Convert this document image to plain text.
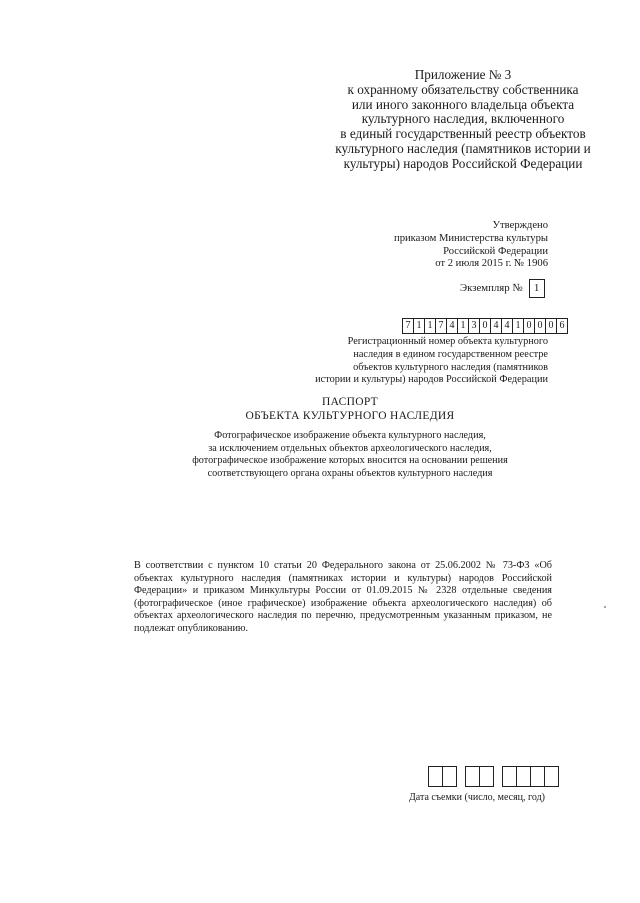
Приложение № 3
к охранному обязательству собственника
или иного законного владельца объекта
культурного наследия, включенного
в единый государственный реестр объектов
культурного наследия (памятников истории и
культуры) народов Российской Федерации
Утверждено
приказом Министерства культуры
Российской Федерации
от 2 июля 2015 г. № 1906
Экземпляр №	1
7 1 1 7 4 1 3 0 4 4 1 0 0 0 6
Регистрационный номер объекта культурного
наследия в едином государственном реестре
объектов культурного наследия (памятников
истории и культуры) народов Российской Федерации
ПАСПОРТ
ОБЪЕКТА КУЛЬТУРНОГО НАСЛЕДИЯ
Фотографическое изображение объекта культурного наследия,
за исключением отдельных объектов археологического наследия,
фотографическое изображение которых вносится на основании решения
соответствующего органа охраны объектов культурного наследия
В соответствии с пунктом 10 статьи 20 Федерального закона от 25.06.2002 № 73-ФЗ «Об объектах культурного наследия (памятниках истории и культуры) народов Российской Федерации» и приказом Минкультуры России от 01.09.2015 № 2328 отдельные сведения (фотографическое (иное графическое) изображение объекта археологического наследия) об объектах археологического наследия по перечню, предусмотренным указанным приказом, не подлежат опубликованию.
Дата съемки (число, месяц, год)
